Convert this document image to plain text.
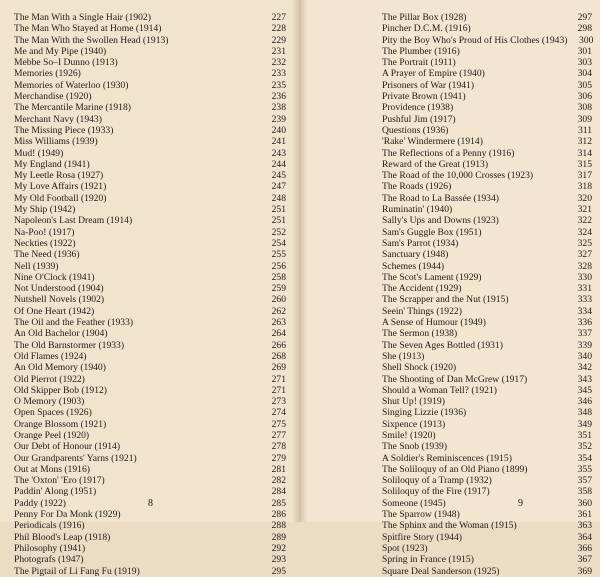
The Man With a Single Hair (1902)	227
The Man Who Stayed at Home (1914)	228
The Man With the Swollen Head (1913)	229
Me and My Pipe (1940)	231
Mebbe So–I Dunno (1913)	232
Memories (1926)	233
Memories of Waterloo (1930)	235
Merchandise (1920)	236
The Mercantile Marine (1918)	238
Merchant Navy (1943)	239
The Missing Piece (1933)	240
Miss Williams (1939)	241
Mud! (1949)	243
My England (1941)	244
My Leetle Rosa (1927)	245
My Love Affairs (1921)	247
My Old Football (1920)	248
My Ship (1942)	251
Napoleon's Last Dream (1914)	251
Na-Poo! (1917)	252
Neckties (1922)	254
The Need (1936)	255
Nell (1939)	256
Nine O'Clock (1941)	258
Not Understood (1904)	259
Nutshell Novels (1902)	260
Of One Heart (1942)	262
The Oil and the Feather (1933)	263
An Old Bachelor (1904)	264
The Old Barnstormer (1933)	266
Old Flames (1924)	268
An Old Memory (1940)	269
Old Pierrot (1922)	271
Old Skipper Bob (1912)	271
O Memory (1903)	273
Open Spaces (1926)	274
Orange Blossom (1921)	275
Orange Peel (1920)	277
Our Debt of Honour (1914)	278
Our Grandparents' Yarns (1921)	279
Out at Mons (1916)	281
The 'Oxton' 'Ero (1917)	282
Paddin' Along (1951)	284
Paddy (1922)	285
Penny For Da Monk (1929)	286
Periodicals (1916)	288
Phil Blood's Leap (1918)	289
Philosophy (1941)	292
Photografs (1947)	293
The Pigtail of Li Fang Fu (1919)	295
8
The Pillar Box (1928)	297
Pincher D.C.M. (1916)	298
Pity the Boy Who's Proud of His Clothes (1943)	300
The Plumber (1916)	301
The Portrait (1911)	303
A Prayer of Empire (1940)	304
Prisoners of War (1941)	305
Private Brown (1941)	306
Providence (1938)	308
Pushful Jim (1917)	309
Questions (1936)	311
'Rake' Windermere (1914)	312
The Reflections of a Penny (1916)	314
Reward of the Great (1913)	315
The Road of the 10,000 Crosses (1923)	317
The Roads (1926)	318
The Road to La Bassée (1934)	320
Ruminatin' (1940)	321
Sally's Ups and Downs (1923)	322
Sam's Guggle Box (1951)	324
Sam's Parrot (1934)	325
Sanctuary (1948)	327
Schemes (1944)	328
The Scot's Lament (1929)	330
The Accident (1929)	331
The Scrapper and the Nut (1915)	333
Seein' Things (1922)	334
A Sense of Humour (1949)	336
The Sermon (1938)	337
The Seven Ages Bottled (1931)	339
She (1913)	340
Shell Shock (1920)	342
The Shooting of Dan McGrew (1917)	343
Should a Woman Tell? (1921)	345
Shut Up! (1919)	346
Singing Lizzie (1936)	348
Sixpence (1913)	349
Smile! (1920)	351
The Snob (1939)	352
A Soldier's Reminiscences (1915)	354
The Soliloquy of an Old Piano (1899)	355
Soliloquy of a Tramp (1932)	357
Soliloquy of the Fire (1917)	358
Someone (1945)	360
The Sparrow (1948)	361
The Sphinx and the Woman (1915)	363
Spitfire Story (1944)	364
Spot (1923)	366
Spring in France (1915)	367
Square Deal Sanderson (1925)	369
9
